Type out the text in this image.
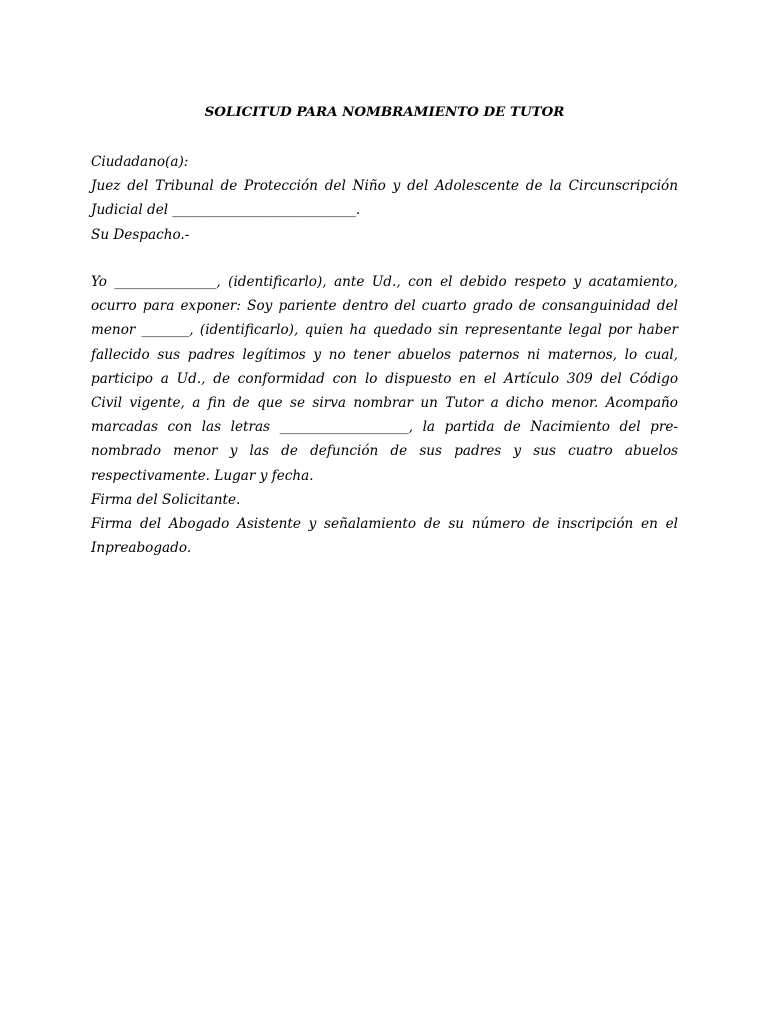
SOLICITUD PARA NOMBRAMIENTO DE TUTOR
Ciudadano(a):
Juez del Tribunal de Protección del Niño y del Adolescente de la Circunscripción
Judicial del ___________________________.
Su Despacho.-
Yo _______________, (identificarlo), ante Ud., con el debido respeto y acatamiento,
ocurro para exponer: Soy pariente dentro del cuarto grado de consanguinidad del
menor _______, (identificarlo), quien ha quedado sin representante legal por haber
fallecido sus padres legítimos y no tener abuelos paternos ni maternos, lo cual,
participo a Ud., de conformidad con lo dispuesto en el Artículo 309 del Código
Civil vigente, a fin de que se sirva nombrar un Tutor a dicho menor. Acompaño
marcadas con las letras ___________________, la partida de Nacimiento del pre-
nombrado menor y las de defunción de sus padres y sus cuatro abuelos
respectivamente. Lugar y fecha.
Firma del Solicitante.
Firma del Abogado Asistente y señalamiento de su número de inscripción en el
Inpreabogado.
